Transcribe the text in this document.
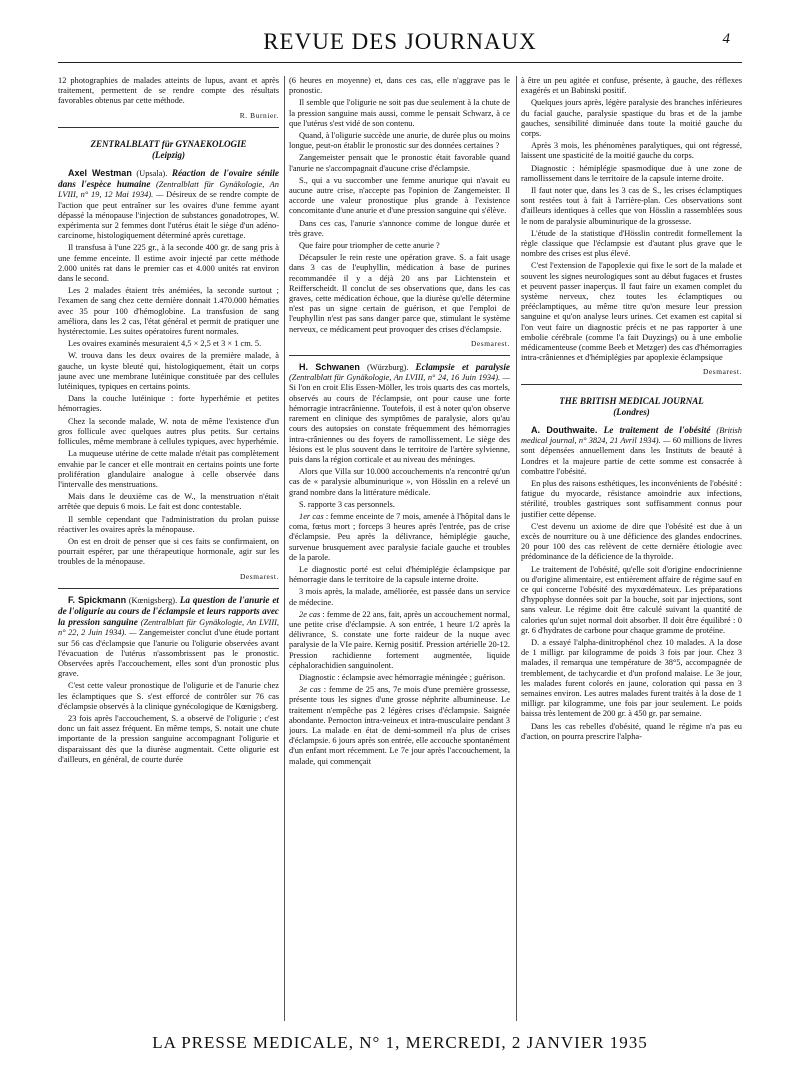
REVUE DES JOURNAUX	4

12 photographies de malades atteints de lupus, avant et après traitement, permettent de se rendre compte des résultats favorables obtenus par cette méthode.

R. Burnier.

ZENTRALBLATT für GYNAEKOLOGIE

(Leipzig)

Axel Westman (Upsala). Réaction de l'ovaire sénile dans l'espèce humaine (Zentralblatt für Gynäkologie, An LVIII, n° 19, 12 Mai 1934). — Désireux de se rendre compte de l'action que peut entraîner sur les ovaires d'une femme ayant dépassé la ménopause l'injection de substances gonadotropes, W. expérimenta sur 2 femmes dont l'utérus était le siège d'un adéno-carcinome, histologiquement déterminé après curettage.

Il transfusa à l'une 225 gr., à la seconde 400 gr. de sang pris à une femme enceinte. Il estime avoir injecté par cette méthode 2.000 unités rat dans le premier cas et 4.000 unités rat environ dans le second.

Les 2 malades étaient très anémiées, la seconde surtout ; l'examen de sang chez cette dernière donnait 1.470.000 hématies avec 35 pour 100 d'hémoglobine. La transfusion de sang améliora, dans les 2 cas, l'état général et permit de pratiquer une hystérectomie. Les suites opératoires furent normales.

Les ovaires examinés mesuraient 4,5 × 2,5 et 3 × 1 cm. 5.

W. trouva dans les deux ovaires de la première malade, à gauche, un kyste bleuté qui, histologiquement, était un corps jaune avec une membrane lutéinique constituée par des cellules lutéiniques, typiques en certains points.

Dans la couche lutéinique : forte hyperhémie et petites hémorragies.

Chez la seconde malade, W. nota de même l'existence d'un gros follicule avec quelques autres plus petits. Sur certains follicules, même membrane à cellules typiques, avec hyperhémie.

La muqueuse utérine de cette malade n'était pas complètement envahie par le cancer et elle montrait en certains points une forte prolifération glandulaire analogue à celle observée dans l'intervalle des menstruations.

Mais dans le deuxième cas de W., la menstruation n'était arrêtée que depuis 6 mois. Le fait est donc contestable.

Il semble cependant que l'administration du prolan puisse réactiver les ovaires après la ménopause.

On est en droit de penser que si ces faits se confirmaient, on pourrait espérer, par une thérapeutique hormonale, agir sur les troubles de la ménopause.

Desmarest.

F. Spickmann (Kœnigsberg). La question de l'anurie et de l'oligurie au cours de l'éclampsie et leurs rapports avec la pression sanguine (Zentralblatt für Gynäkologie, An LVIII, n° 22, 2 Juin 1934). — Zangemeister conclut d'une étude portant sur 56 cas d'éclampsie que l'anurie ou l'oligurie observées avant l'évacuation de l'utérus n'assombrissent pas le pronostic. Observées après l'accouchement, elles sont d'un pronostic plus grave.

C'est cette valeur pronostique de l'oligurie et de l'anurie chez les éclamptiques que S. s'est efforcé de contrôler sur 76 cas d'éclampsie observés à la clinique gynécologique de Kœnigsberg.

23 fois après l'accouchement, S. a observé de l'oligurie ; c'est donc un fait assez fréquent. En même temps, S. notait une chute importante de la pression sanguine accompagnant l'oligurie et disparaissant dès que la diurèse augmentait. Cette oligurie est d'ailleurs, en général, de courte durée

(6 heures en moyenne) et, dans ces cas, elle n'aggrave pas le pronostic.

Il semble que l'oligurie ne soit pas due seulement à la chute de la pression sanguine mais aussi, comme le pensait Schwarz, à ce que l'utérus s'est vidé de son contenu.

Quand, à l'oligurie succède une anurie, de durée plus ou moins longue, peut-on établir le pronostic sur des données certaines ?

Zangemeister pensait que le pronostic était favorable quand l'anurie ne s'accompagnait d'aucune crise d'éclampsie.

S., qui a vu succomber une femme anurique qui n'avait eu aucune autre crise, n'accepte pas l'opinion de Zangemeister. Il accorde une valeur pronostique plus grande à l'existence concomitante d'une anurie et d'une pression sanguine qui s'élève.

Dans ces cas, l'anurie s'annonce comme de longue durée et très grave.

Que faire pour triompher de cette anurie ?

Décapsuler le rein reste une opération grave. S. a fait usage dans 3 cas de l'euphyllin, médication à base de purines recommandée il y a déjà 20 ans par Lichtenstein et Reifferscheidt. Il conclut de ses observations que, dans les cas graves, cette médication échoue, que la diurèse qu'elle détermine n'est pas un signe certain de guérison, et que l'emploi de l'euphyllin n'est pas sans danger parce que, stimulant le système nerveux, ce médicament peut provoquer des crises d'éclampsie.

Desmarest.

H. Schwanen (Würzburg). Eclampsie et paralysie (Zentralblatt für Gynäkologie, An LVIII, n° 24, 16 Juin 1934). — Si l'on en croit Elis Essen-Möller, les trois quarts des cas mortels, observés au cours de l'éclampsie, ont pour cause une forte hémorragie intracrânienne. Toutefois, il est à noter qu'on observe rarement en clinique des symptômes de paralysie, alors qu'au cours des autopsies on constate fréquemment des hémorragies intra-crâniennes ou des foyers de ramollissement. Le siège des lésions est le plus souvent dans le territoire de l'artère sylvienne, puis dans la région corticale et au niveau des méninges.

Alors que Villa sur 10.000 accouchements n'a rencontré qu'un cas de « paralysie albuminurique », von Hösslin en a relevé un grand nombre dans la littérature médicale.

S. rapporte 3 cas personnels.

1er cas : femme enceinte de 7 mois, amenée à l'hôpital dans le coma, fœtus mort ; forceps 3 heures après l'entrée, pas de crise d'éclampsie. Peu après la délivrance, hémiplégie gauche, survenue brusquement avec paralysie faciale gauche et troubles de la parole.

Le diagnostic porté est celui d'hémiplégie éclampsique par hémorragie dans le territoire de la capsule interne droite.

3 mois après, la malade, améliorée, est passée dans un service de médecine.

2e cas : femme de 22 ans, fait, après un accouchement normal, une petite crise d'éclampsie. A son entrée, 1 heure 1/2 après la délivrance, S. constate une forte raideur de la nuque avec paralysie de la VIe paire. Kernig positif. Pression artérielle 20-12. Pression rachidienne fortement augmentée, liquide céphalorachidien sanguinolent.

Diagnostic : éclampsie avec hémorragie méningée ; guérison.

3e cas : femme de 25 ans, 7e mois d'une première grossesse, présente tous les signes d'une grosse néphrite albumineuse. Le traitement n'empêche pas 2 légères crises d'éclampsie. Saignée abondante. Pernocton intra-veineux et intra-musculaire pendant 3 jours. La malade en état de demi-sommeil n'a plus de crises d'éclampsie. 6 jours après son entrée, elle accouche spontanément d'un enfant mort récemment. Le 7e jour après l'accouchement, la malade, qui commençait

à être un peu agitée et confuse, présente, à gauche, des réflexes exagérés et un Babinski positif.

Quelques jours après, légère paralysie des branches inférieures du facial gauche, paralysie spastique du bras et de la jambe gauches, sensibilité diminuée dans toute la moitié gauche du corps.

Après 3 mois, les phénomènes paralytiques, qui ont régressé, laissent une spasticité de la moitié gauche du corps.

Diagnostic : hémiplégie spasmodique due à une zone de ramollissement dans le territoire de la capsule interne droite.

Il faut noter que, dans les 3 cas de S., les crises éclamptiques sont restées tout à fait à l'arrière-plan. Ces observations sont d'ailleurs identiques à celles que von Hösslin a rassemblées sous le nom de paralysie albuminurique de la grossesse.

L'étude de la statistique d'Hösslin contredit formellement la règle classique que l'éclampsie est d'autant plus grave que le nombre des crises est plus élevé.

C'est l'extension de l'apoplexie qui fixe le sort de la malade et souvent les signes neurologiques sont au début fugaces et frustes et peuvent passer inaperçus. Il faut faire un examen complet du système nerveux, chez toutes les éclamptiques ou prééclamptiques, au même titre qu'on mesure leur pression sanguine et qu'on analyse leurs urines. Cet examen est capital si l'on veut faire un diagnostic précis et ne pas rapporter à une embolie cérébrale (comme l'a fait Duyzings) ou à une embolie médicamenteuse (comme Beeb et Metzger) des cas d'hémorragies intra-crâniennes et d'hémiplégies par apoplexie éclampsique

Desmarest.

THE BRITISH MEDICAL JOURNAL

(Londres)

A. Douthwaite. Le traitement de l'obésité (British medical journal, n° 3824, 21 Avril 1934). — 60 millions de livres sont dépensées annuellement dans les Instituts de beauté à Londres et la majeure partie de cette somme est consacrée à combattre l'obésité.

En plus des raisons esthétiques, les inconvénients de l'obésité : fatigue du myocarde, résistance amoindrie aux infections, stérilité, troubles gastriques sont suffisamment connus pour justifier cette dépense.

C'est devenu un axiome de dire que l'obésité est due à un excès de nourriture ou à une déficience des glandes endocrines. 20 pour 100 des cas relèvent de cette dernière étiologie avec prédominance de la déficience de la thyroïde.

Le traitement de l'obésité, qu'elle soit d'origine endocrinienne ou d'origine alimentaire, est entièrement affaire de régime sauf en ce qui concerne l'obésité des myxœdémateux. Les préparations d'hypophyse données soit par la bouche, soit par injections, sont sans valeur. Le régime doit être calculé suivant la quantité de calories qu'un sujet normal doit absorber. Il doit être équilibré : 0 gr. 6 d'hydrates de carbone pour chaque gramme de protéine.

D. a essayé l'alpha-dinitrophénol chez 10 malades. A la dose de 1 milligr. par kilogramme de poids 3 fois par jour. Chez 3 malades, il remarqua une température de 38°5, accompagnée de tremblement, de tachycardie et d'un profond malaise. Le 3e jour, les malades furent colorés en jaune, coloration qui passa en 3 semaines environ. Les autres malades furent traités à la dose de 1 milligr. par kilogramme, une fois par jour seulement. Le poids baissa très lentement de 200 gr. à 450 gr. par semaine.

Dans les cas rebelles d'obésité, quand le régime n'a pas eu d'action, on pourra prescrire l'alpha-

LA PRESSE MEDICALE, N° 1, MERCREDI, 2 JANVIER 1935
